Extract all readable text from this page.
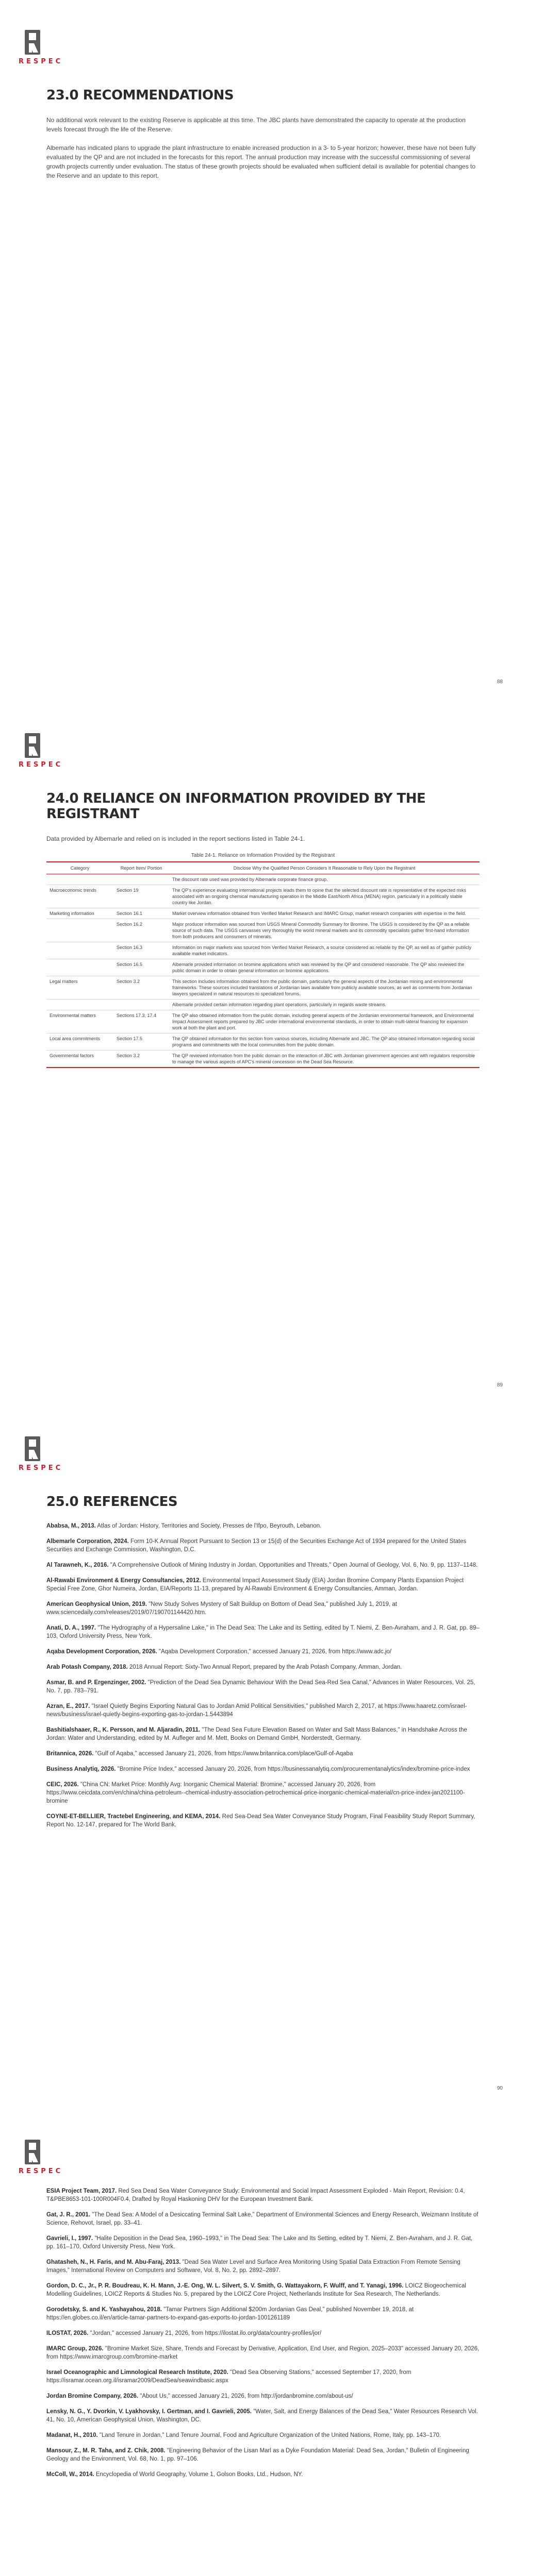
RESPEC
23.0 RECOMMENDATIONS

No additional work relevant to the existing Reserve is applicable at this time. The JBC plants have demonstrated the capacity to operate at the production levels forecast through the life of the Reserve.

Albemarle has indicated plans to upgrade the plant infrastructure to enable increased production in a 3- to 5-year horizon; however, these have not been fully evaluated by the QP and are not included in the forecasts for this report. The annual production may increase with the successful commissioning of several growth projects currently under evaluation. The status of these growth projects should be evaluated when sufficient detail is available for potential changes to the Reserve and an update to this report.

88
RESPEC
24.0 RELIANCE ON INFORMATION PROVIDED BY THE REGISTRANT

Data provided by Albemarle and relied on is included in the report sections listed in Table 24-1.

Table 24-1. Reliance on Information Provided by the Registrant
Category	Report Item/ Portion	Disclose Why the Qualified Person Considers It Reasonable to Rely Upon the Registrant
		The discount rate used was provided by Albemarle corporate finance group.
Macroeconomic trends	Section 19	The QP's experience evaluating international projects leads them to opine that the selected discount rate is representative of the expected risks associated with an ongoing chemical manufacturing operation in the Middle East/North Africa (MENA) region, particularly in a politically stable country like Jordan.
Marketing information	Section 16.1	Market overview information obtained from Verified Market Research and IMARC Group, market research companies with expertise in the field.
	Section 16.2	Major producer information was sourced from USGS Mineral Commodity Summary for Bromine. The USGS is considered by the QP as a reliable source of such data. The USGS canvasses very thoroughly the world mineral markets and its commodity specialists gather first-hand information from both producers and consumers of minerals.
	Section 16.3	Information on major markets was sourced from Verified Market Research, a source considered as reliable by the QP, as well as of gather publicly available market indicators.
	Section 16.5	Albemarle provided information on bromine applications which was reviewed by the QP and considered reasonable. The QP also reviewed the public domain in order to obtain general information on bromine applications.
Legal matters	Section 3.2	This section includes information obtained from the public domain, particularly the general aspects of the Jordanian mining and environmental frameworks. These sources included translations of Jordanian laws available from publicly available sources, as well as comments from Jordanian lawyers specialized in natural resources to specialized forums.
		Albemarle provided certain information regarding plant operations, particularly in regards waste streams.
Environmental matters	Sections 17.3, 17.4	The QP also obtained information from the public domain, including general aspects of the Jordanian environmental framework, and Environmental Impact Assessment reports prepared by JBC under international environmental standards, in order to obtain multi-lateral financing for expansion work at both the plant and port.
Local area commitments	Section 17.5	The QP obtained information for this section from various sources, including Albemarle and JBC. The QP also obtained information regarding social programs and commitments with the local communities from the public domain.
Governmental factors	Section 3.2	The QP reviewed information from the public domain on the interaction of JBC with Jordanian government agencies and with regulators responsible to manage the various aspects of APC's mineral concession on the Dead Sea Resource.
89
RESPEC
25.0 REFERENCES

Ababsa, M., 2013. Atlas of Jordan: History, Territories and Society, Presses de l'Ifpo, Beyrouth, Lebanon.

Albemarle Corporation, 2024. Form 10-K Annual Report Pursuant to Section 13 or 15(d) of the Securities Exchange Act of 1934 prepared for the United States Securities and Exchange Commission, Washington, D.C.

Al Tarawneh, K., 2016. "A Comprehensive Outlook of Mining Industry in Jordan. Opportunities and Threats," Open Journal of Geology, Vol. 6, No. 9, pp. 1137–1148.

Al-Rawabi Environment & Energy Consultancies, 2012. Environmental Impact Assessment Study (EIA) Jordan Bromine Company Plants Expansion Project Special Free Zone, Ghor Numeira, Jordan, EIA/Reports 11-13, prepared by Al-Rawabi Environment & Energy Consultancies, Amman, Jordan.

American Geophysical Union, 2019. "New Study Solves Mystery of Salt Buildup on Bottom of Dead Sea," published July 1, 2019, at www.sciencedaily.com/releases/2019/07/190701144420.htm.

Anati, D. A., 1997. "The Hydrography of a Hypersaline Lake," in The Dead Sea: The Lake and its Setting, edited by T. Niemi, Z. Ben-Avraham, and J. R. Gat, pp. 89–103, Oxford University Press, New York.

Aqaba Development Corporation, 2026. "Aqaba Development Corporation," accessed January 21, 2026, from https://www.adc.jo/

Arab Potash Company, 2018. 2018 Annual Report: Sixty-Two Annual Report, prepared by the Arab Potash Company, Amman, Jordan.

Asmar, B. and P. Ergenzinger, 2002. "Prediction of the Dead Sea Dynamic Behaviour With the Dead Sea-Red Sea Canal," Advances in Water Resources, Vol. 25, No. 7, pp. 783–791.

Azran, E., 2017. "Israel Quietly Begins Exporting Natural Gas to Jordan Amid Political Sensitivities," published March 2, 2017, at https://www.haaretz.com/israel-news/business/israel-quietly-begins-exporting-gas-to-jordan-1.5443894

Bashitialshaaer, R., K. Persson, and M. Aljaradin, 2011. "The Dead Sea Future Elevation Based on Water and Salt Mass Balances," in Handshake Across the Jordan: Water and Understanding, edited by M. Aufleger and M. Mett, Books on Demand GmbH, Norderstedt, Germany.

Britannica, 2026. "Gulf of Aqaba," accessed January 21, 2026, from https://www.britannica.com/place/Gulf-of-Aqaba

Business Analytiq, 2026. "Bromine Price Index," accessed January 20, 2026, from https://businessanalytiq.com/procurementanalytics/index/bromine-price-index

CEIC, 2026. "China CN: Market Price: Monthly Avg: Inorganic Chemical Material: Bromine," accessed January 20, 2026, from https://www.ceicdata.com/en/china/china-petroleum--chemical-industry-association-petrochemical-price-inorganic-chemical-material/cn-price-index-jan2021100-bromine

COYNE-ET-BELLIER, Tractebel Engineering, and KEMA, 2014. Red Sea-Dead Sea Water Conveyance Study Program, Final Feasibility Study Report Summary, Report No. 12-147, prepared for The World Bank.

90
RESPEC

ESIA Project Team, 2017. Red Sea Dead Sea Water Conveyance Study: Environmental and Social Impact Assessment Exploded - Main Report, Revision: 0.4, T&PBE8653-101-100R004F0.4, Drafted by Royal Haskoning DHV for the European Investment Bank.

Gat, J. R., 2001. "The Dead Sea: A Model of a Desiccating Terminal Salt Lake," Department of Environmental Sciences and Energy Research, Weizmann Institute of Science, Rehovot, Israel, pp. 33–41.

Gavrieli, I., 1997. "Halite Deposition in the Dead Sea, 1960–1993," in The Dead Sea: The Lake and Its Setting, edited by T. Niemi, Z. Ben-Avraham, and J. R. Gat, pp. 161–170, Oxford University Press, New York.

Ghatasheh, N., H. Faris, and M. Abu-Faraj, 2013. "Dead Sea Water Level and Surface Area Monitoring Using Spatial Data Extraction From Remote Sensing Images," International Review on Computers and Software, Vol. 8, No. 2, pp. 2892–2897.

Gordon, D. C., Jr., P. R. Boudreau, K. H. Mann, J.-E. Ong, W. L. Silvert, S. V. Smith, G. Wattayakorn, F. Wulff, and T. Yanagi, 1996. LOICZ Biogeochemical Modelling Guidelines, LOICZ Reports & Studies No. 5, prepared by the LOICZ Core Project, Netherlands Institute for Sea Research, The Netherlands.

Gorodetsky, S. and K. Yashayahou, 2018. "Tamar Partners Sign Additional $200m Jordanian Gas Deal," published November 19, 2018, at https://en.globes.co.il/en/article-tamar-partners-to-expand-gas-exports-to-jordan-1001261189

ILOSTAT, 2026. "Jordan," accessed January 21, 2026, from https://ilostat.ilo.org/data/country-profiles/jor/

IMARC Group, 2026. "Bromine Market Size, Share, Trends and Forecast by Derivative, Application, End User, and Region, 2025–2033" accessed January 20, 2026, from https://www.imarcgroup.com/bromine-market

Israel Oceanographic and Limnological Research Institute, 2020. "Dead Sea Observing Stations," accessed September 17, 2020, from https://isramar.ocean.org.il/isramar2009/DeadSea/seawindbasic.aspx

Jordan Bromine Company, 2026. "About Us," accessed January 21, 2026, from http://jordanbromine.com/about-us/

Lensky, N. G., Y. Dvorkin, V. Lyakhovsky, I. Gertman, and I. Gavrieli, 2005. "Water, Salt, and Energy Balances of the Dead Sea," Water Resources Research Vol. 41, No. 10, American Geophysical Union, Washington, DC.

Madanat, H., 2010. "Land Tenure in Jordan," Land Tenure Journal, Food and Agriculture Organization of the United Nations, Rome, Italy, pp. 143–170.

Mansour, Z., M. R. Taha, and Z. Chik, 2008. "Engineering Behavior of the Lisan Marl as a Dyke Foundation Material: Dead Sea, Jordan," Bulletin of Engineering Geology and the Environment, Vol. 68, No. 1, pp. 97–106.

McColl, W., 2014. Encyclopedia of World Geography, Volume 1, Golson Books, Ltd., Hudson, NY.
